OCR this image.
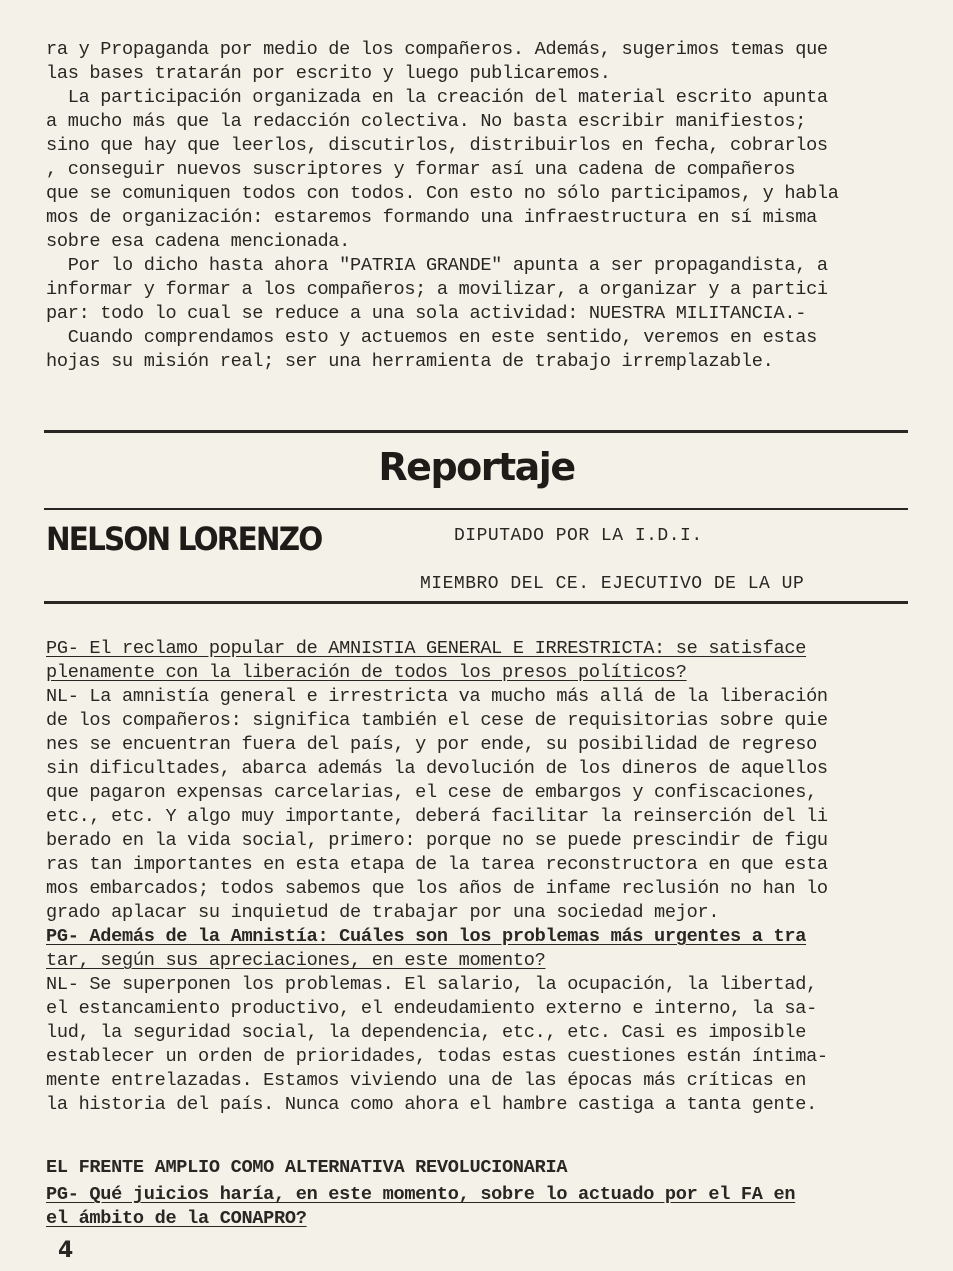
ra y Propaganda por medio de los compañeros. Además, sugerimos temas que
las bases tratarán por escrito y luego publicaremos.
La participación organizada en la creación del material escrito apunta
a mucho más que la redacción colectiva. No basta escribir manifiestos;
sino que hay que leerlos, discutirlos, distribuirlos en fecha, cobrarlos
, conseguir nuevos suscriptores y formar así una cadena de compañeros
que se comuniquen todos con todos. Con esto no sólo participamos, y habla
mos de organización: estaremos formando una infraestructura en sí misma
sobre esa cadena mencionada.
Por lo dicho hasta ahora "PATRIA GRANDE" apunta a ser propagandista, a
informar y formar a los compañeros; a movilizar, a organizar y a partici
par: todo lo cual se reduce a una sola actividad: NUESTRA MILITANCIA.-
Cuando comprendamos esto y actuemos en este sentido, veremos en estas
hojas su misión real; ser una herramienta de trabajo irremplazable.
Reportaje
NELSON LORENZO	DIPUTADO POR LA I.D.I.
MIEMBRO DEL CE. EJECUTIVO DE LA UP
PG- El reclamo popular de AMNISTIA GENERAL E IRRESTRICTA: se satisface
plenamente con la liberación de todos los presos políticos?
NL- La amnistía general e irrestricta va mucho más allá de la liberación
de los compañeros: significa también el cese de requisitorias sobre quie
nes se encuentran fuera del país, y por ende, su posibilidad de regreso
sin dificultades, abarca además la devolución de los dineros de aquellos
que pagaron expensas carcelarias, el cese de embargos y confiscaciones,
etc., etc. Y algo muy importante, deberá facilitar la reinserción del li
berado en la vida social, primero: porque no se puede prescindir de figu
ras tan importantes en esta etapa de la tarea reconstructora en que esta
mos embarcados; todos sabemos que los años de infame reclusión no han lo
grado aplacar su inquietud de trabajar por una sociedad mejor.
PG- Además de la Amnistía: Cuáles son los problemas más urgentes a tra
tar, según sus apreciaciones, en este momento?
NL- Se superponen los problemas. El salario, la ocupación, la libertad,
el estancamiento productivo, el endeudamiento externo e interno, la sa-
lud, la seguridad social, la dependencia, etc., etc. Casi es imposible
establecer un orden de prioridades, todas estas cuestiones están íntima-
mente entrelazadas. Estamos viviendo una de las épocas más críticas en
la historia del país. Nunca como ahora el hambre castiga a tanta gente.
EL FRENTE AMPLIO COMO ALTERNATIVA REVOLUCIONARIA
PG- Qué juicios haría, en este momento, sobre lo actuado por el FA en
el ámbito de la CONAPRO?
4
